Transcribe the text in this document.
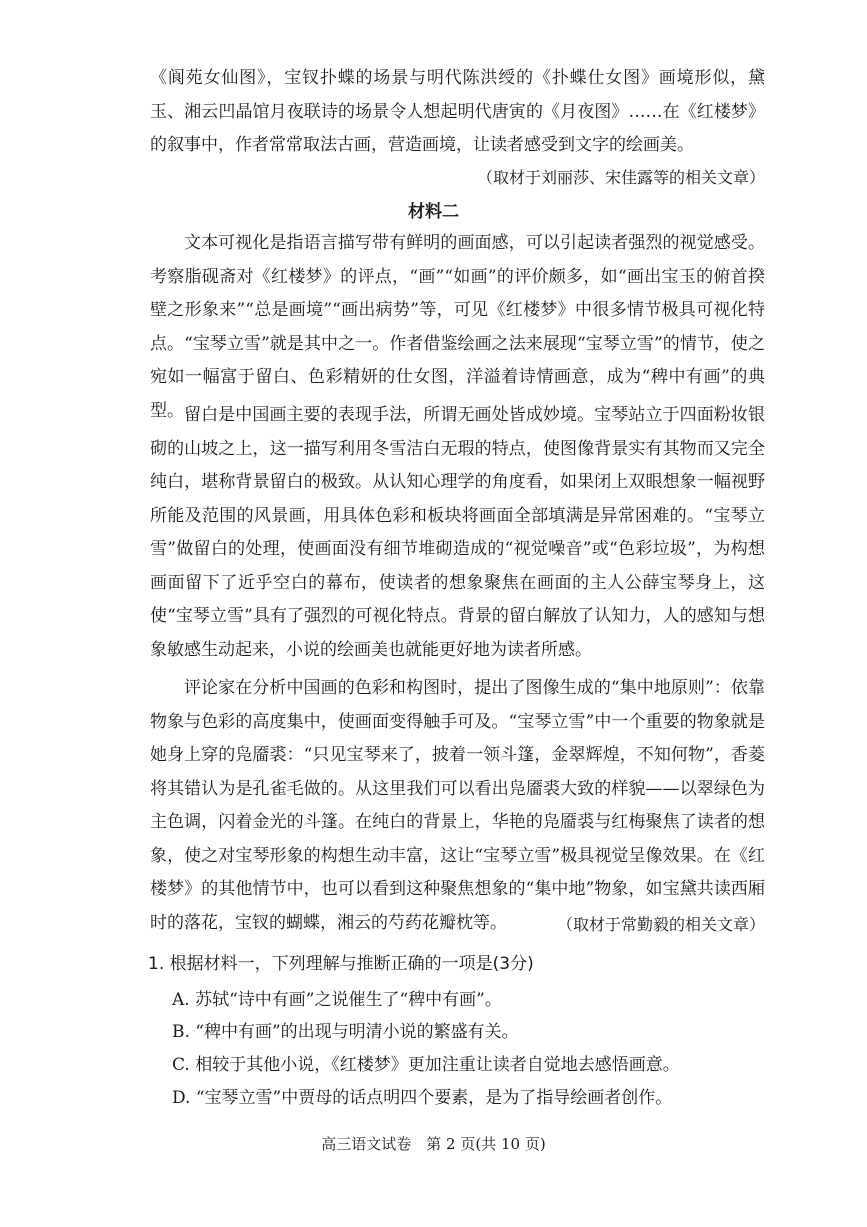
《阆苑女仙图》，宝钗扑蝶的场景与明代陈洪绶的《扑蝶仕女图》画境形似，黛玉、湘云凹晶馆月夜联诗的场景令人想起明代唐寅的《月夜图》……在《红楼梦》的叙事中，作者常常取法古画，营造画境，让读者感受到文字的绘画美。

（取材于刘丽莎、宋佳露等的相关文章）

材料二

文本可视化是指语言描写带有鲜明的画面感，可以引起读者强烈的视觉感受。考察脂砚斋对《红楼梦》的评点，“画”“如画”的评价颇多，如“画出宝玉的俯首揆壁之形象来”“总是画境”“画出病势”等，可见《红楼梦》中很多情节极具可视化特点。“宝琴立雪”就是其中之一。作者借鉴绘画之法来展现“宝琴立雪”的情节，使之宛如一幅富于留白、色彩精妍的仕女图，洋溢着诗情画意，成为“稗中有画”的典型。 留白是中国画主要的表现手法，所谓无画处皆成妙境。宝琴站立于四面粉妆银砌的山坡之上，这一描写利用冬雪洁白无瑕的特点，使图像背景实有其物而又完全纯白，堪称背景留白的极致。从认知心理学的角度看，如果闭上双眼想象一幅视野所能及范围的风景画，用具体色彩和板块将画面全部填满是异常困难的。“宝琴立雪”做留白的处理，使画面没有细节堆砌造成的“视觉噪音”或“色彩垃圾”，为构想画面留下了近乎空白的幕布，使读者的想象聚焦在画面的主人公薛宝琴身上，这使“宝琴立雪”具有了强烈的可视化特点。背景的留白解放了认知力，人的感知与想象敏感生动起来，小说的绘画美也就能更好地为读者所感。

评论家在分析中国画的色彩和构图时，提出了图像生成的“集中地原则”：依靠物象与色彩的高度集中，使画面变得触手可及。“宝琴立雪”中一个重要的物象就是她身上穿的凫靥裘：“只见宝琴来了，披着一领斗篷，金翠辉煌，不知何物”，香菱将其错认为是孔雀毛做的。从这里我们可以看出凫靥裘大致的样貌——以翠绿色为主色调，闪着金光的斗篷。在纯白的背景上，华艳的凫靥裘与红梅聚焦了读者的想象，使之对宝琴形象的构想生动丰富，这让“宝琴立雪”极具视觉呈像效果。在《红楼梦》的其他情节中，也可以看到这种聚焦想象的“集中地”物象，如宝黛共读西厢时的落花，宝钗的蝴蝶，湘云的芍药花瓣枕等。	（取材于常勤毅的相关文章）

1. 根据材料一，下列理解与推断正确的一项是(3分)

A. 苏轼“诗中有画”之说催生了“稗中有画”。

B. “稗中有画”的出现与明清小说的繁盛有关。

C. 相较于其他小说，《红楼梦》更加注重让读者自觉地去感悟画意。

D. “宝琴立雪”中贾母的话点明四个要素，是为了指导绘画者创作。

高三语文试卷　第 2 页(共 10 页)
